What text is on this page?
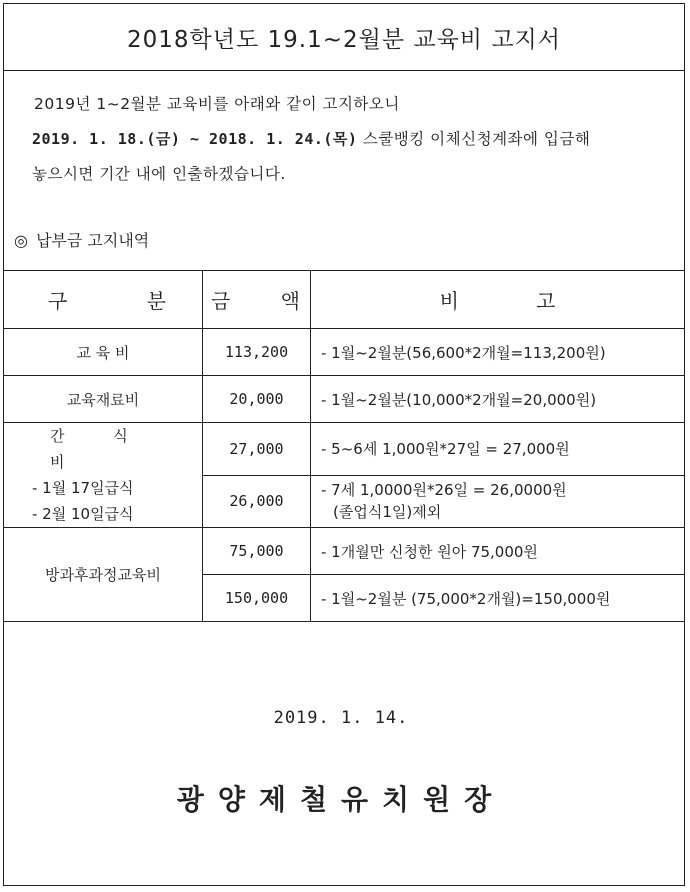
2018학년도 19.1~2월분 교육비 고지서
2019년 1~2월분 교육비를 아래와 같이 고지하오니
2019. 1. 18.(금) ~ 2018. 1. 24.(목) 스쿨뱅킹 이체신청계좌에 입금해
놓으시면 기간 내에 인출하겠습니다.
◎ 납부금 고지내역
구 분	금 액	비 고

교 육 비	113,200	- 1월~2월분(56,600*2개월=113,200원)
교육재료비	20,000	- 1월~2월분(10,000*2개월=20,000원)

간 식 비
- 1월 17일급식
- 2월 10일급식	27,000	- 5~6세 1,000원*27일 = 27,000원
	26,000	- 7세 1,0000원*26일 = 26,0000원
(졸업식1일)제외

방과후과정교육비	75,000	- 1개월만 신청한 원아 75,000원
	150,000	- 1월~2월분 (75,000*2개월)=150,000원
2019. 1. 14.
광양제철유치원장
